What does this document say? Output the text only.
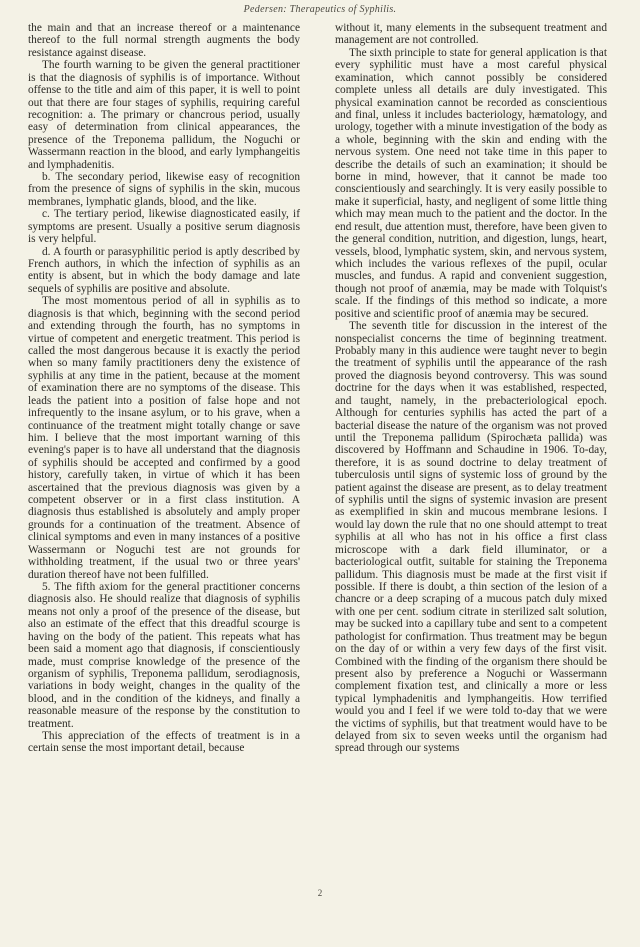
Pedersen: Therapeutics of Syphilis.

the main and that an increase thereof or a maintenance thereof to the full normal strength augments the body resistance against disease.

The fourth warning to be given the general practitioner is that the diagnosis of syphilis is of importance. Without offense to the title and aim of this paper, it is well to point out that there are four stages of syphilis, requiring careful recognition: a. The primary or chancrous period, usually easy of determination from clinical appearances, the presence of the Treponema pallidum, the Noguchi or Wassermann reaction in the blood, and early lymphangeitis and lymphadenitis.

b. The secondary period, likewise easy of recognition from the presence of signs of syphilis in the skin, mucous membranes, lymphatic glands, blood, and the like.

c. The tertiary period, likewise diagnosticated easily, if symptoms are present. Usually a positive serum diagnosis is very helpful.

d. A fourth or parasyphilitic period is aptly described by French authors, in which the infection of syphilis as an entity is absent, but in which the body damage and late sequels of syphilis are positive and absolute.

The most momentous period of all in syphilis as to diagnosis is that which, beginning with the second period and extending through the fourth, has no symptoms in virtue of competent and energetic treatment. This period is called the most dangerous because it is exactly the period when so many family practitioners deny the existence of syphilis at any time in the patient, because at the moment of examination there are no symptoms of the disease. This leads the patient into a position of false hope and not infrequently to the insane asylum, or to his grave, when a continuance of the treatment might totally change or save him. I believe that the most important warning of this evening's paper is to have all understand that the diagnosis of syphilis should be accepted and confirmed by a good history, carefully taken, in virtue of which it has been ascertained that the previous diagnosis was given by a competent observer or in a first class institution. A diagnosis thus established is absolutely and amply proper grounds for a continuation of the treatment. Absence of clinical symptoms and even in many instances of a positive Wassermann or Noguchi test are not grounds for withholding treatment, if the usual two or three years' duration thereof have not been fulfilled.

5. The fifth axiom for the general practitioner concerns diagnosis also. He should realize that diagnosis of syphilis means not only a proof of the presence of the disease, but also an estimate of the effect that this dreadful scourge is having on the body of the patient. This repeats what has been said a moment ago that diagnosis, if conscientiously made, must comprise knowledge of the presence of the organism of syphilis, Treponema pallidum, serodiagnosis, variations in body weight, changes in the quality of the blood, and in the condition of the kidneys, and finally a reasonable measure of the response by the constitution to treatment.

This appreciation of the effects of treatment is in a certain sense the most important detail, because

without it, many elements in the subsequent treatment and management are not controlled.

The sixth principle to state for general application is that every syphilitic must have a most careful physical examination, which cannot possibly be considered complete unless all details are duly investigated. This physical examination cannot be recorded as conscientious and final, unless it includes bacteriology, hæmatology, and urology, together with a minute investigation of the body as a whole, beginning with the skin and ending with the nervous system. One need not take time in this paper to describe the details of such an examination; it should be borne in mind, however, that it cannot be made too conscientiously and searchingly. It is very easily possible to make it superficial, hasty, and negligent of some little thing which may mean much to the patient and the doctor. In the end result, due attention must, therefore, have been given to the general condition, nutrition, and digestion, lungs, heart, vessels, blood, lymphatic system, skin, and nervous system, which includes the various reflexes of the pupil, ocular muscles, and fundus. A rapid and convenient suggestion, though not proof of anæmia, may be made with Tolquist's scale. If the findings of this method so indicate, a more positive and scientific proof of anæmia may be secured.

The seventh title for discussion in the interest of the nonspecialist concerns the time of beginning treatment. Probably many in this audience were taught never to begin the treatment of syphilis until the appearance of the rash proved the diagnosis beyond controversy. This was sound doctrine for the days when it was established, respected, and taught, namely, in the prebacteriological epoch. Although for centuries syphilis has acted the part of a bacterial disease the nature of the organism was not proved until the Treponema pallidum (Spirochæta pallida) was discovered by Hoffmann and Schaudine in 1906. To-day, therefore, it is as sound doctrine to delay treatment of tuberculosis until signs of systemic loss of ground by the patient against the disease are present, as to delay treatment of syphilis until the signs of systemic invasion are present as exemplified in skin and mucous membrane lesions. I would lay down the rule that no one should attempt to treat syphilis at all who has not in his office a first class microscope with a dark field illuminator, or a bacteriological outfit, suitable for staining the Treponema pallidum. This diagnosis must be made at the first visit if possible. If there is doubt, a thin section of the lesion of a chancre or a deep scraping of a mucous patch duly mixed with one per cent. sodium citrate in sterilized salt solution, may be sucked into a capillary tube and sent to a competent pathologist for confirmation. Thus treatment may be begun on the day of or within a very few days of the first visit. Combined with the finding of the organism there should be present also by preference a Noguchi or Wassermann complement fixation test, and clinically a more or less typical lymphadenitis and lymphangeitis. How terrified would you and I feel if we were told to-day that we were the victims of syphilis, but that treatment would have to be delayed from six to seven weeks until the organism had spread through our systems

2
